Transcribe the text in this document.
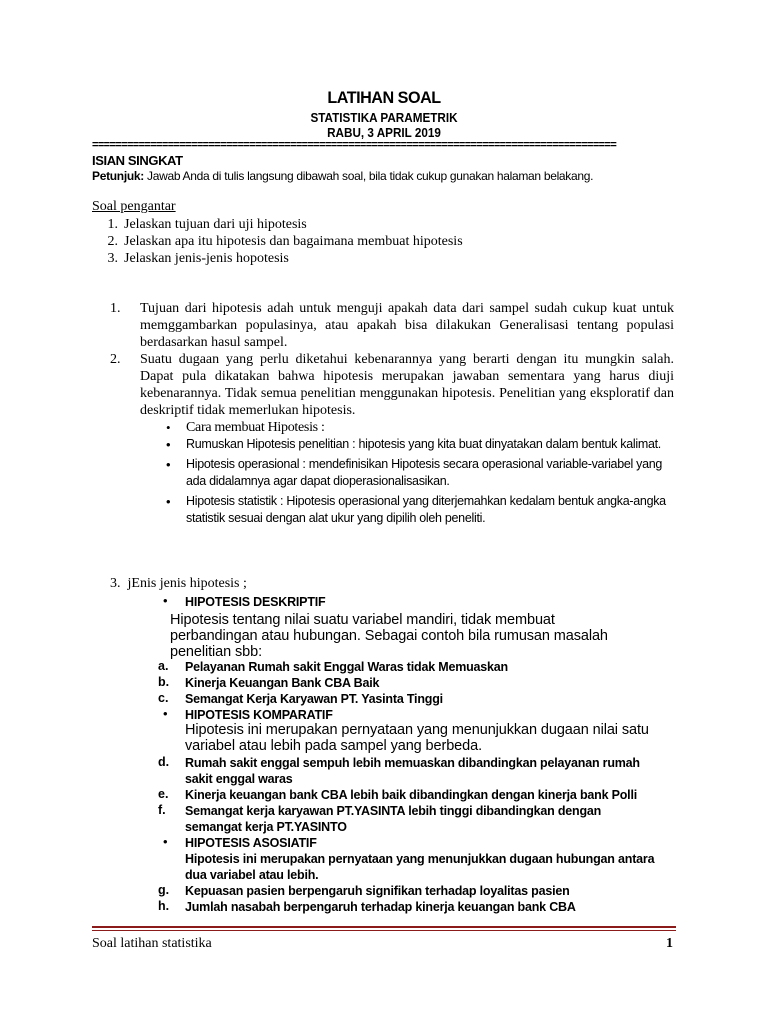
LATIHAN SOAL
STATISTIKA PARAMETRIK
RABU, 3 APRIL 2019
==========================================================================================
ISIAN SINGKAT
Petunjuk: Jawab Anda di tulis langsung dibawah soal, bila tidak cukup gunakan halaman belakang.
Soal pengantar
1. Jelaskan tujuan dari uji hipotesis
2. Jelaskan apa itu hipotesis dan bagaimana membuat hipotesis
3. Jelaskan jenis-jenis hopotesis
1. Tujuan dari hipotesis adah untuk menguji apakah data dari sampel sudah cukup kuat untuk memggambarkan populasinya, atau apakah bisa dilakukan Generalisasi tentang populasi berdasarkan hasul sampel.
2. Suatu dugaan yang perlu diketahui kebenarannya yang berarti dengan itu mungkin salah. Dapat pula dikatakan bahwa hipotesis merupakan jawaban sementara yang harus diuji kebenarannya. Tidak semua penelitian menggunakan hipotesis. Penelitian yang eksploratif dan deskriptif tidak memerlukan hipotesis.
• Cara membuat Hipotesis :
• Rumuskan Hipotesis penelitian : hipotesis yang kita buat dinyatakan dalam bentuk kalimat.
• Hipotesis operasional : mendefinisikan Hipotesis secara operasional variable-variabel yang ada didalamnya agar dapat dioperasionalisasikan.
• Hipotesis statistik : Hipotesis operasional yang diterjemahkan kedalam bentuk angka-angka statistik sesuai dengan alat ukur yang dipilih oleh peneliti.
3. jEnis jenis hipotesis ;
• HIPOTESIS DESKRIPTIF
Hipotesis tentang nilai suatu variabel mandiri, tidak membuat perbandingan atau hubungan. Sebagai contoh bila rumusan masalah penelitian sbb:
a. Pelayanan Rumah sakit Enggal Waras tidak Memuaskan
b. Kinerja Keuangan Bank CBA Baik
c. Semangat Kerja Karyawan PT. Yasinta Tinggi
• HIPOTESIS KOMPARATIF
Hipotesis ini merupakan pernyataan yang menunjukkan dugaan nilai satu variabel atau lebih pada sampel yang berbeda.
d. Rumah sakit enggal sempuh lebih memuaskan dibandingkan pelayanan rumah sakit enggal waras
e. Kinerja keuangan bank CBA lebih baik dibandingkan dengan kinerja bank Polli
f. Semangat kerja karyawan PT.YASINTA lebih tinggi dibandingkan dengan semangat kerja PT.YASINTO
• HIPOTESIS ASOSIATIF
Hipotesis ini merupakan pernyataan yang menunjukkan dugaan hubungan antara dua variabel atau lebih.
g. Kepuasan pasien berpengaruh signifikan terhadap loyalitas pasien
h. Jumlah nasabah berpengaruh terhadap kinerja keuangan bank CBA
Soal latihan statistika	1
